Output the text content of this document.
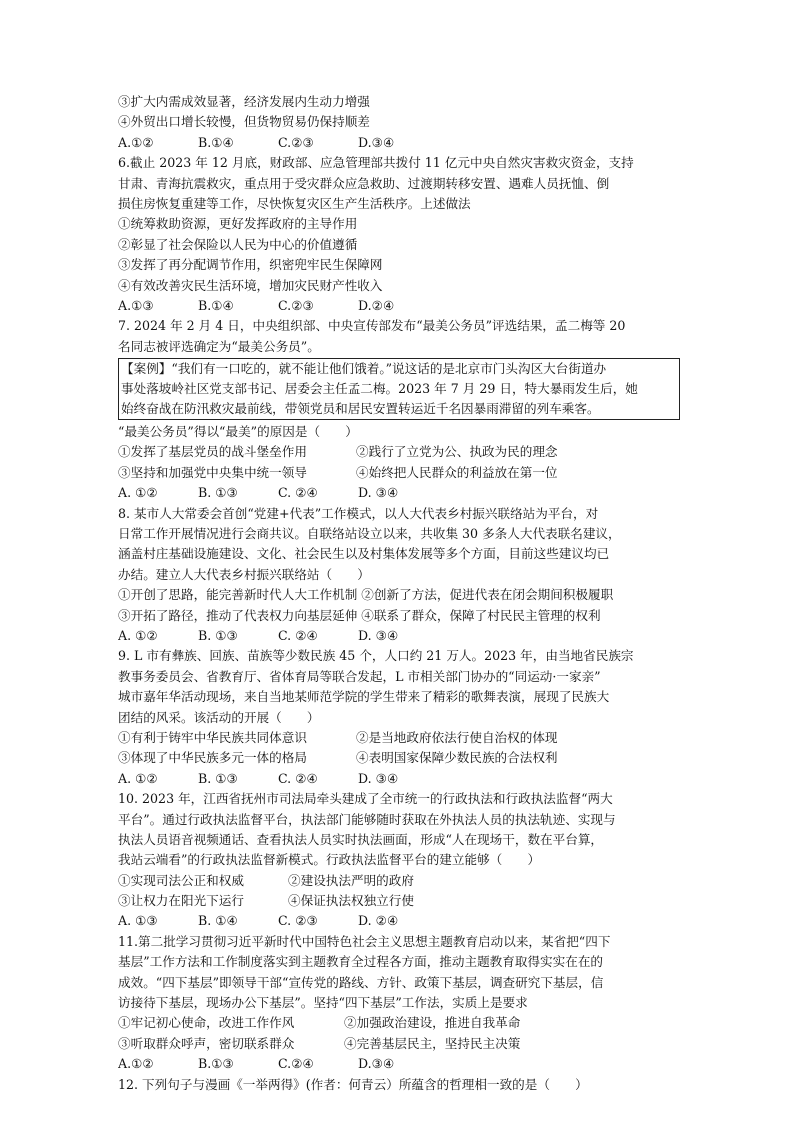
③扩大内需成效显著，经济发展内生动力增强
④外贸出口增长较慢，但货物贸易仍保持顺差
A.①②	B.①④	C.②③	D.③④
6.截止 2023 年 12 月底，财政部、应急管理部共拨付 11 亿元中央自然灾害救灾资金，支持
甘肃、青海抗震救灾，重点用于受灾群众应急救助、过渡期转移安置、遇难人员抚恤、倒
损住房恢复重建等工作，尽快恢复灾区生产生活秩序。上述做法
①统筹救助资源，更好发挥政府的主导作用
②彰显了社会保险以人民为中心的价值遵循
③发挥了再分配调节作用，织密兜牢民生保障网
④有效改善灾民生活环境，增加灾民财产性收入
A.①③	B.①④	C.②③	D.②④
7. 2024 年 2 月 4 日，中央组织部、中央宣传部发布“最美公务员”评选结果，孟二梅等 20
名同志被评选确定为“最美公务员”。
【案例】“我们有一口吃的，就不能让他们饿着。”说这话的是北京市门头沟区大台街道办
事处落坡岭社区党支部书记、居委会主任孟二梅。2023 年 7 月 29 日，特大暴雨发生后，她
始终奋战在防汛救灾最前线，带领党员和居民安置转运近千名因暴雨滞留的列车乘客。
“最美公务员”得以“最美”的原因是（　　）
①发挥了基层党员的战斗堡垒作用	②践行了立党为公、执政为民的理念
③坚持和加强党中央集中统一领导	④始终把人民群众的利益放在第一位
A. ①②	B. ①③	C. ②④	D. ③④
8. 某市人大常委会首创“党建+代表”工作模式，以人大代表乡村振兴联络站为平台，对
日常工作开展情况进行会商共议。自联络站设立以来，共收集 30 多条人大代表联名建议，
涵盖村庄基础设施建设、文化、社会民生以及村集体发展等多个方面，目前这些建议均已
办结。建立人大代表乡村振兴联络站（　　）
①开创了思路，能完善新时代人大工作机制 ②创新了方法，促进代表在闭会期间积极履职
③开拓了路径，推动了代表权力向基层延伸 ④联系了群众，保障了村民民主管理的权利
A. ①②	B. ①③	C. ②④	D. ③④
9. L 市有彝族、回族、苗族等少数民族 45 个，人口约 21 万人。2023 年，由当地省民族宗
教事务委员会、省教育厅、省体育局等联合发起，L 市相关部门协办的“同运动·一家亲”
城市嘉年华活动现场，来自当地某师范学院的学生带来了精彩的歌舞表演，展现了民族大
团结的风采。该活动的开展（　　）
①有利于铸牢中华民族共同体意识	②是当地政府依法行使自治权的体现
③体现了中华民族多元一体的格局	④表明国家保障少数民族的合法权利
A. ①②	B. ①③	C. ②④	D. ③④
10. 2023 年，江西省抚州市司法局牵头建成了全市统一的行政执法和行政执法监督“两大
平台”。通过行政执法监督平台，执法部门能够随时获取在外执法人员的执法轨迹、实现与
执法人员语音视频通话、查看执法人员实时执法画面，形成“人在现场干，数在平台算，
我站云端看”的行政执法监督新模式。行政执法监督平台的建立能够（　　）
①实现司法公正和权威	②建设执法严明的政府
③让权力在阳光下运行	④保证执法权独立行使
A. ①③	B. ①④	C. ②③	D. ②④
11.第二批学习贯彻习近平新时代中国特色社会主义思想主题教育启动以来，某省把“四下
基层”工作方法和工作制度落实到主题教育全过程各方面，推动主题教育取得实实在在的
成效。“四下基层”即领导干部“宣传党的路线、方针、政策下基层，调查研究下基层，信
访接待下基层，现场办公下基层”。坚持“四下基层”工作法，实质上是要求
①牢记初心使命，改进工作作风	②加强政治建设，推进自我革命
③听取群众呼声，密切联系群众	④完善基层民主，坚持民主决策
A.①②	B.①③	C.②④	D.③④
12. 下列句子与漫画《一举两得》(作者：何青云）所蕴含的哲理相一致的是（　　）
